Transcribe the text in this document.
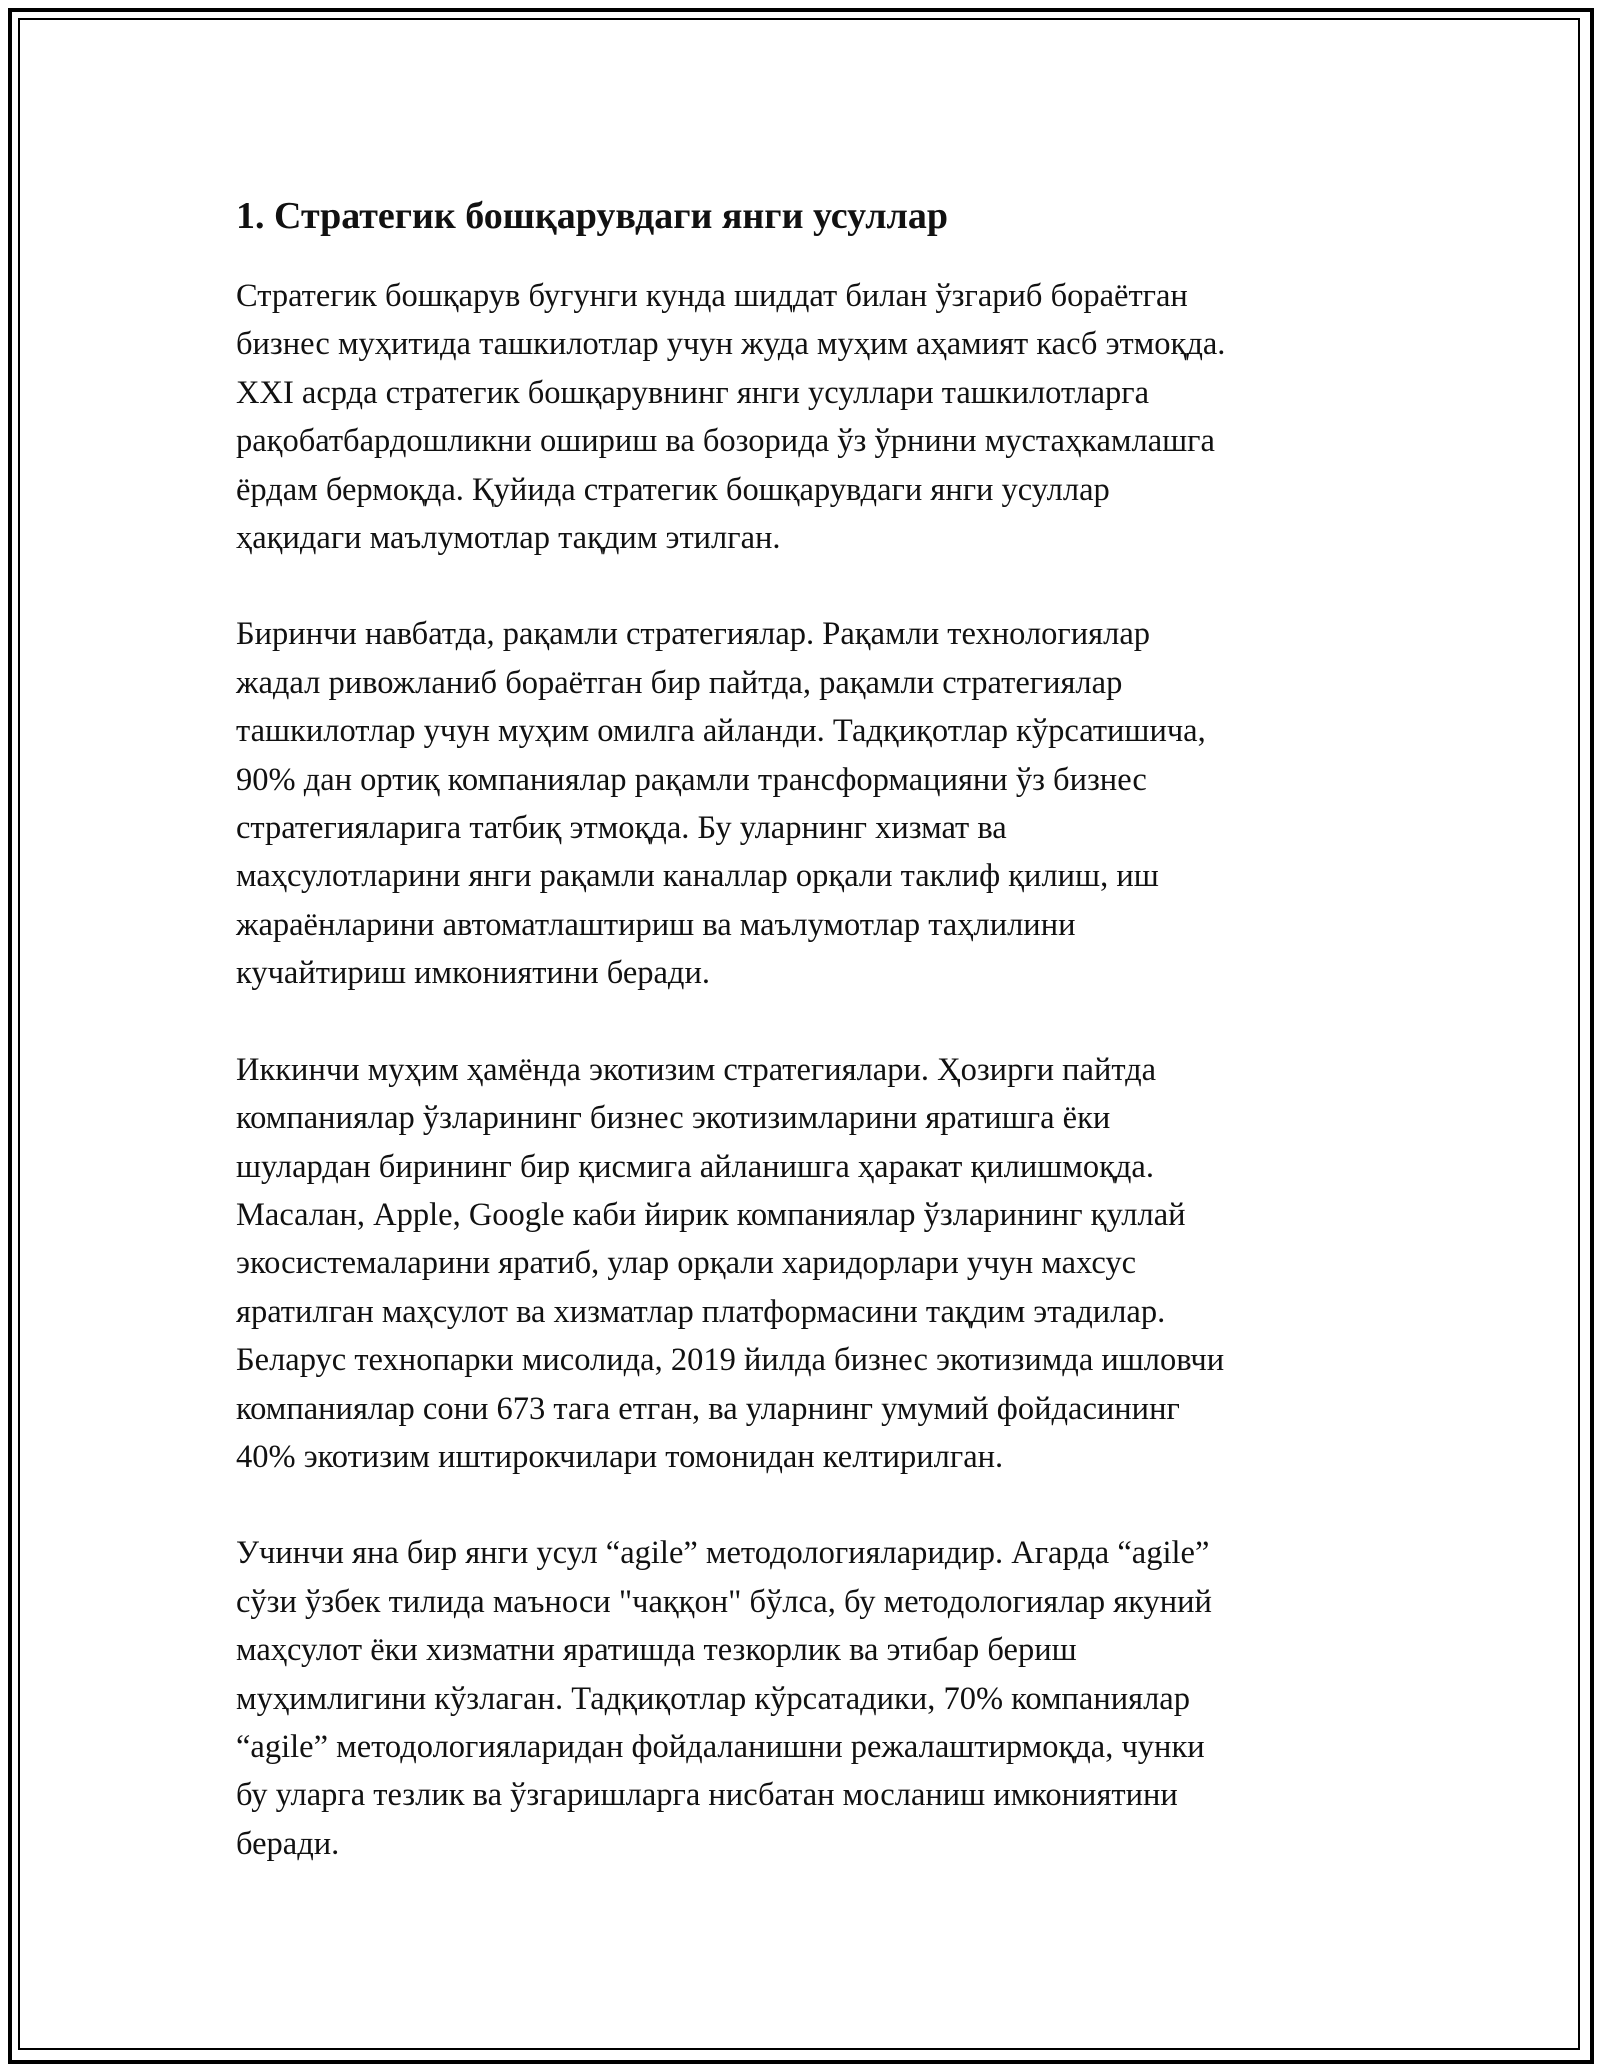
1. Стратегик бошқарувдаги янги усуллар

Стратегик бошқарув бугунги кунда шиддат билан ўзгариб бораётган
бизнес муҳитида ташкилотлар учун жуда муҳим аҳамият касб этмоқда.
XXI асрда стратегик бошқарувнинг янги усуллари ташкилотларга
рақобатбардошликни ошириш ва бозорида ўз ўрнини мустаҳкамлашга
ёрдам бермоқда. Қуйида стратегик бошқарувдаги янги усуллар
ҳақидаги маълумотлар тақдим этилган.

Биринчи навбатда, рақамли стратегиялар. Рақамли технологиялар
жадал ривожланиб бораётган бир пайтда, рақамли стратегиялар
ташкилотлар учун муҳим омилга айланди. Тадқиқотлар кўрсатишича,
90% дан ортиқ компаниялар рақамли трансформацияни ўз бизнес
стратегияларига татбиқ этмоқда. Бу уларнинг хизмат ва
маҳсулотларини янги рақамли каналлар орқали таклиф қилиш, иш
жараёнларини автоматлаштириш ва маълумотлар таҳлилини
кучайтириш имкониятини беради.

Иккинчи муҳим ҳамёнда экотизим стратегиялари. Ҳозирги пайтда
компаниялар ўзларининг бизнес экотизимларини яратишга ёки
шулардан бирининг бир қисмига айланишга ҳаракат қилишмоқда.
Масалан, Apple, Google каби йирик компаниялар ўзларининг қуллай
экосистемаларини яратиб, улар орқали харидорлари учун махсус
яратилган маҳсулот ва хизматлар платформасини тақдим этадилар.
Беларус технопарки мисолида, 2019 йилда бизнес экотизимда ишловчи
компаниялар сони 673 тага етган, ва уларнинг умумий фойдасининг
40% экотизим иштирокчилари томонидан келтирилган.

Учинчи яна бир янги усул “agile” методологияларидир. Агарда “agile”
сўзи ўзбек тилида маъноси "чаққон" бўлса, бу методологиялар якуний
маҳсулот ёки хизматни яратишда тезкорлик ва этибар бериш
муҳимлигини кўзлаган. Тадқиқотлар кўрсатадики, 70% компаниялар
“agile” методологияларидан фойдаланишни режалаштирмоқда, чунки
бу уларга тезлик ва ўзгаришларга нисбатан мосланиш имкониятини
беради.
